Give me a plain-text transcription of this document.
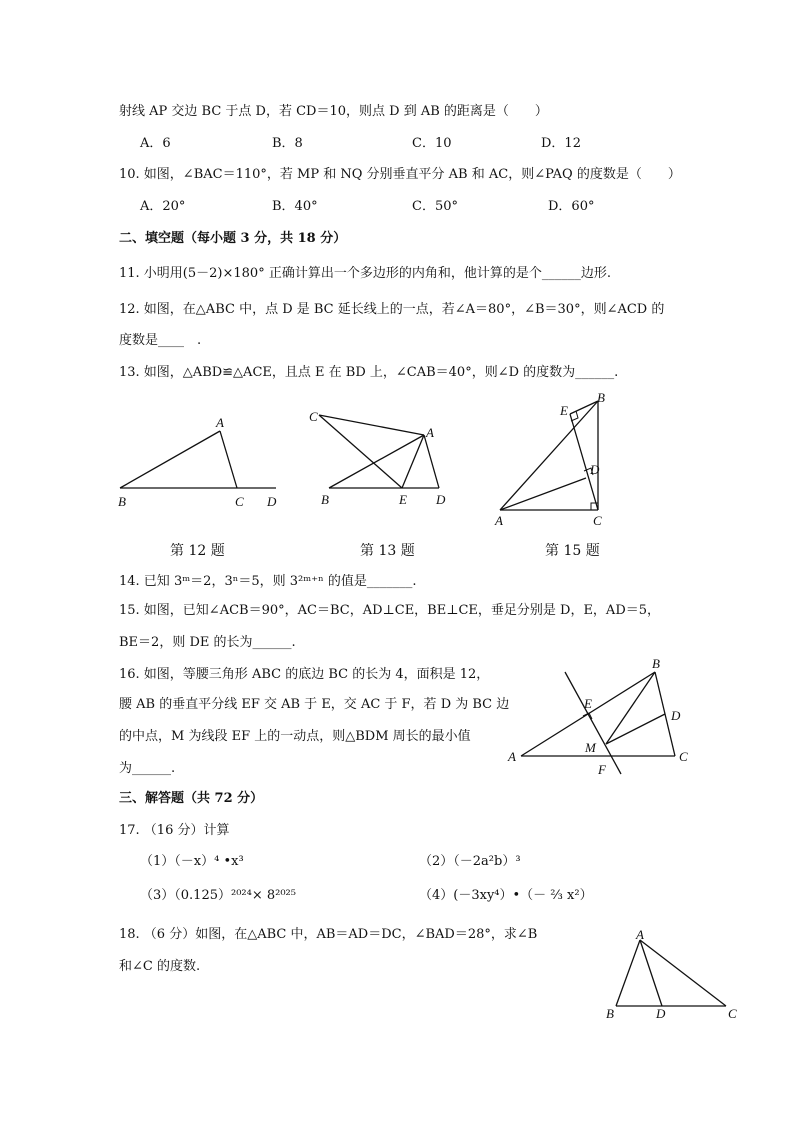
射线 AP 交边 BC 于点 D，若 CD＝10，则点 D 到 AB 的距离是（　　）
A．6	B．8	C．10	D．12
10. 如图，∠BAC＝110°，若 MP 和 NQ 分别垂直平分 AB 和 AC，则∠PAQ 的度数是（　　）
A．20°	B．40°	C．50°	D．60°
二、填空题（每小题 3 分，共 18 分）
11. 小明用(5－2)×180° 正确计算出一个多边形的内角和，他计算的是个______边形.
12. 如图，在△ABC 中，点 D 是 BC 延长线上的一点，若∠A＝80°，∠B＝30°，则∠ACD 的
度数是____　.
13. 如图，△ABD≌△ACE，且点 E 在 BD 上，∠CAB＝40°，则∠D 的度数为______.
A
B	C D
第 12 题
C
A
B	E D
第 13 题
E
B
D
A	C
第 15 题
14. 已知 3ᵐ＝2，3ⁿ＝5，则 3²ᵐ⁺ⁿ 的值是_______.
15. 如图，已知∠ACB＝90°，AC＝BC，AD⊥CE，BE⊥CE，垂足分别是 D，E，AD＝5，
BE＝2，则 DE 的长为______.
16. 如图，等腰三角形 ABC 的底边 BC 的长为 4，面积是 12，
腰 AB 的垂直平分线 EF 交 AB 于 E，交 AC 于 F，若 D 为 BC 边
的中点，M 为线段 EF 上的一动点，则△BDM 周长的最小值
为______.
B
E
D
M
A
F
C
三、解答题（共 72 分）
17. （16 分）计算
（1）（－x）⁴ •x³	（2）（－2a²b）³
（3）（0.125）²⁰²⁴× 8²⁰²⁵	（4）(－3xy⁴）•（－ ⅔ x²）
18. （6 分）如图，在△ABC 中，AB＝AD＝DC，∠BAD＝28°，求∠B
和∠C 的度数.
A
B	D	C
